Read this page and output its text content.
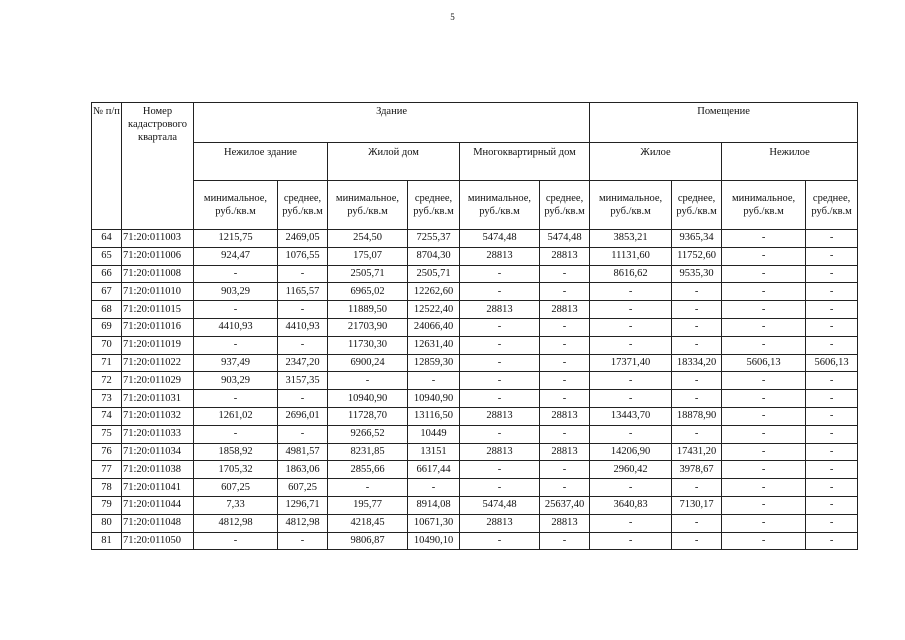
5
№ п/п	Номер кадастрового квартала	Здание						Помещение			
		Нежилое здание		Жилой дом		Многоквартирный дом		Жилое		Нежилое	
		минимальное, руб./кв.м	среднее, руб./кв.м	минимальное, руб./кв.м	среднее, руб./кв.м	минимальное, руб./кв.м	среднее, руб./кв.м	минимальное, руб./кв.м	среднее, руб./кв.м	минимальное, руб./кв.м	среднее, руб./кв.м
64	71:20:011003	1215,75	2469,05	254,50	7255,37	5474,48	5474,48	3853,21	9365,34	-	-
65	71:20:011006	924,47	1076,55	175,07	8704,30	28813	28813	11131,60	11752,60	-	-
66	71:20:011008	-	-	2505,71	2505,71	-	-	8616,62	9535,30	-	-
67	71:20:011010	903,29	1165,57	6965,02	12262,60	-	-	-	-	-	-
68	71:20:011015	-	-	11889,50	12522,40	28813	28813	-	-	-	-
69	71:20:011016	4410,93	4410,93	21703,90	24066,40	-	-	-	-	-	-
70	71:20:011019	-	-	11730,30	12631,40	-	-	-	-	-	-
71	71:20:011022	937,49	2347,20	6900,24	12859,30	-	-	17371,40	18334,20	5606,13	5606,13
72	71:20:011029	903,29	3157,35	-	-	-	-	-	-	-	-
73	71:20:011031	-	-	10940,90	10940,90	-	-	-	-	-	-
74	71:20:011032	1261,02	2696,01	11728,70	13116,50	28813	28813	13443,70	18878,90	-	-
75	71:20:011033	-	-	9266,52	10449	-	-	-	-	-	-
76	71:20:011034	1858,92	4981,57	8231,85	13151	28813	28813	14206,90	17431,20	-	-
77	71:20:011038	1705,32	1863,06	2855,66	6617,44	-	-	2960,42	3978,67	-	-
78	71:20:011041	607,25	607,25	-	-	-	-	-	-	-	-
79	71:20:011044	7,33	1296,71	195,77	8914,08	5474,48	25637,40	3640,83	7130,17	-	-
80	71:20:011048	4812,98	4812,98	4218,45	10671,30	28813	28813	-	-	-	-
81	71:20:011050	-	-	9806,87	10490,10	-	-	-	-	-	-
